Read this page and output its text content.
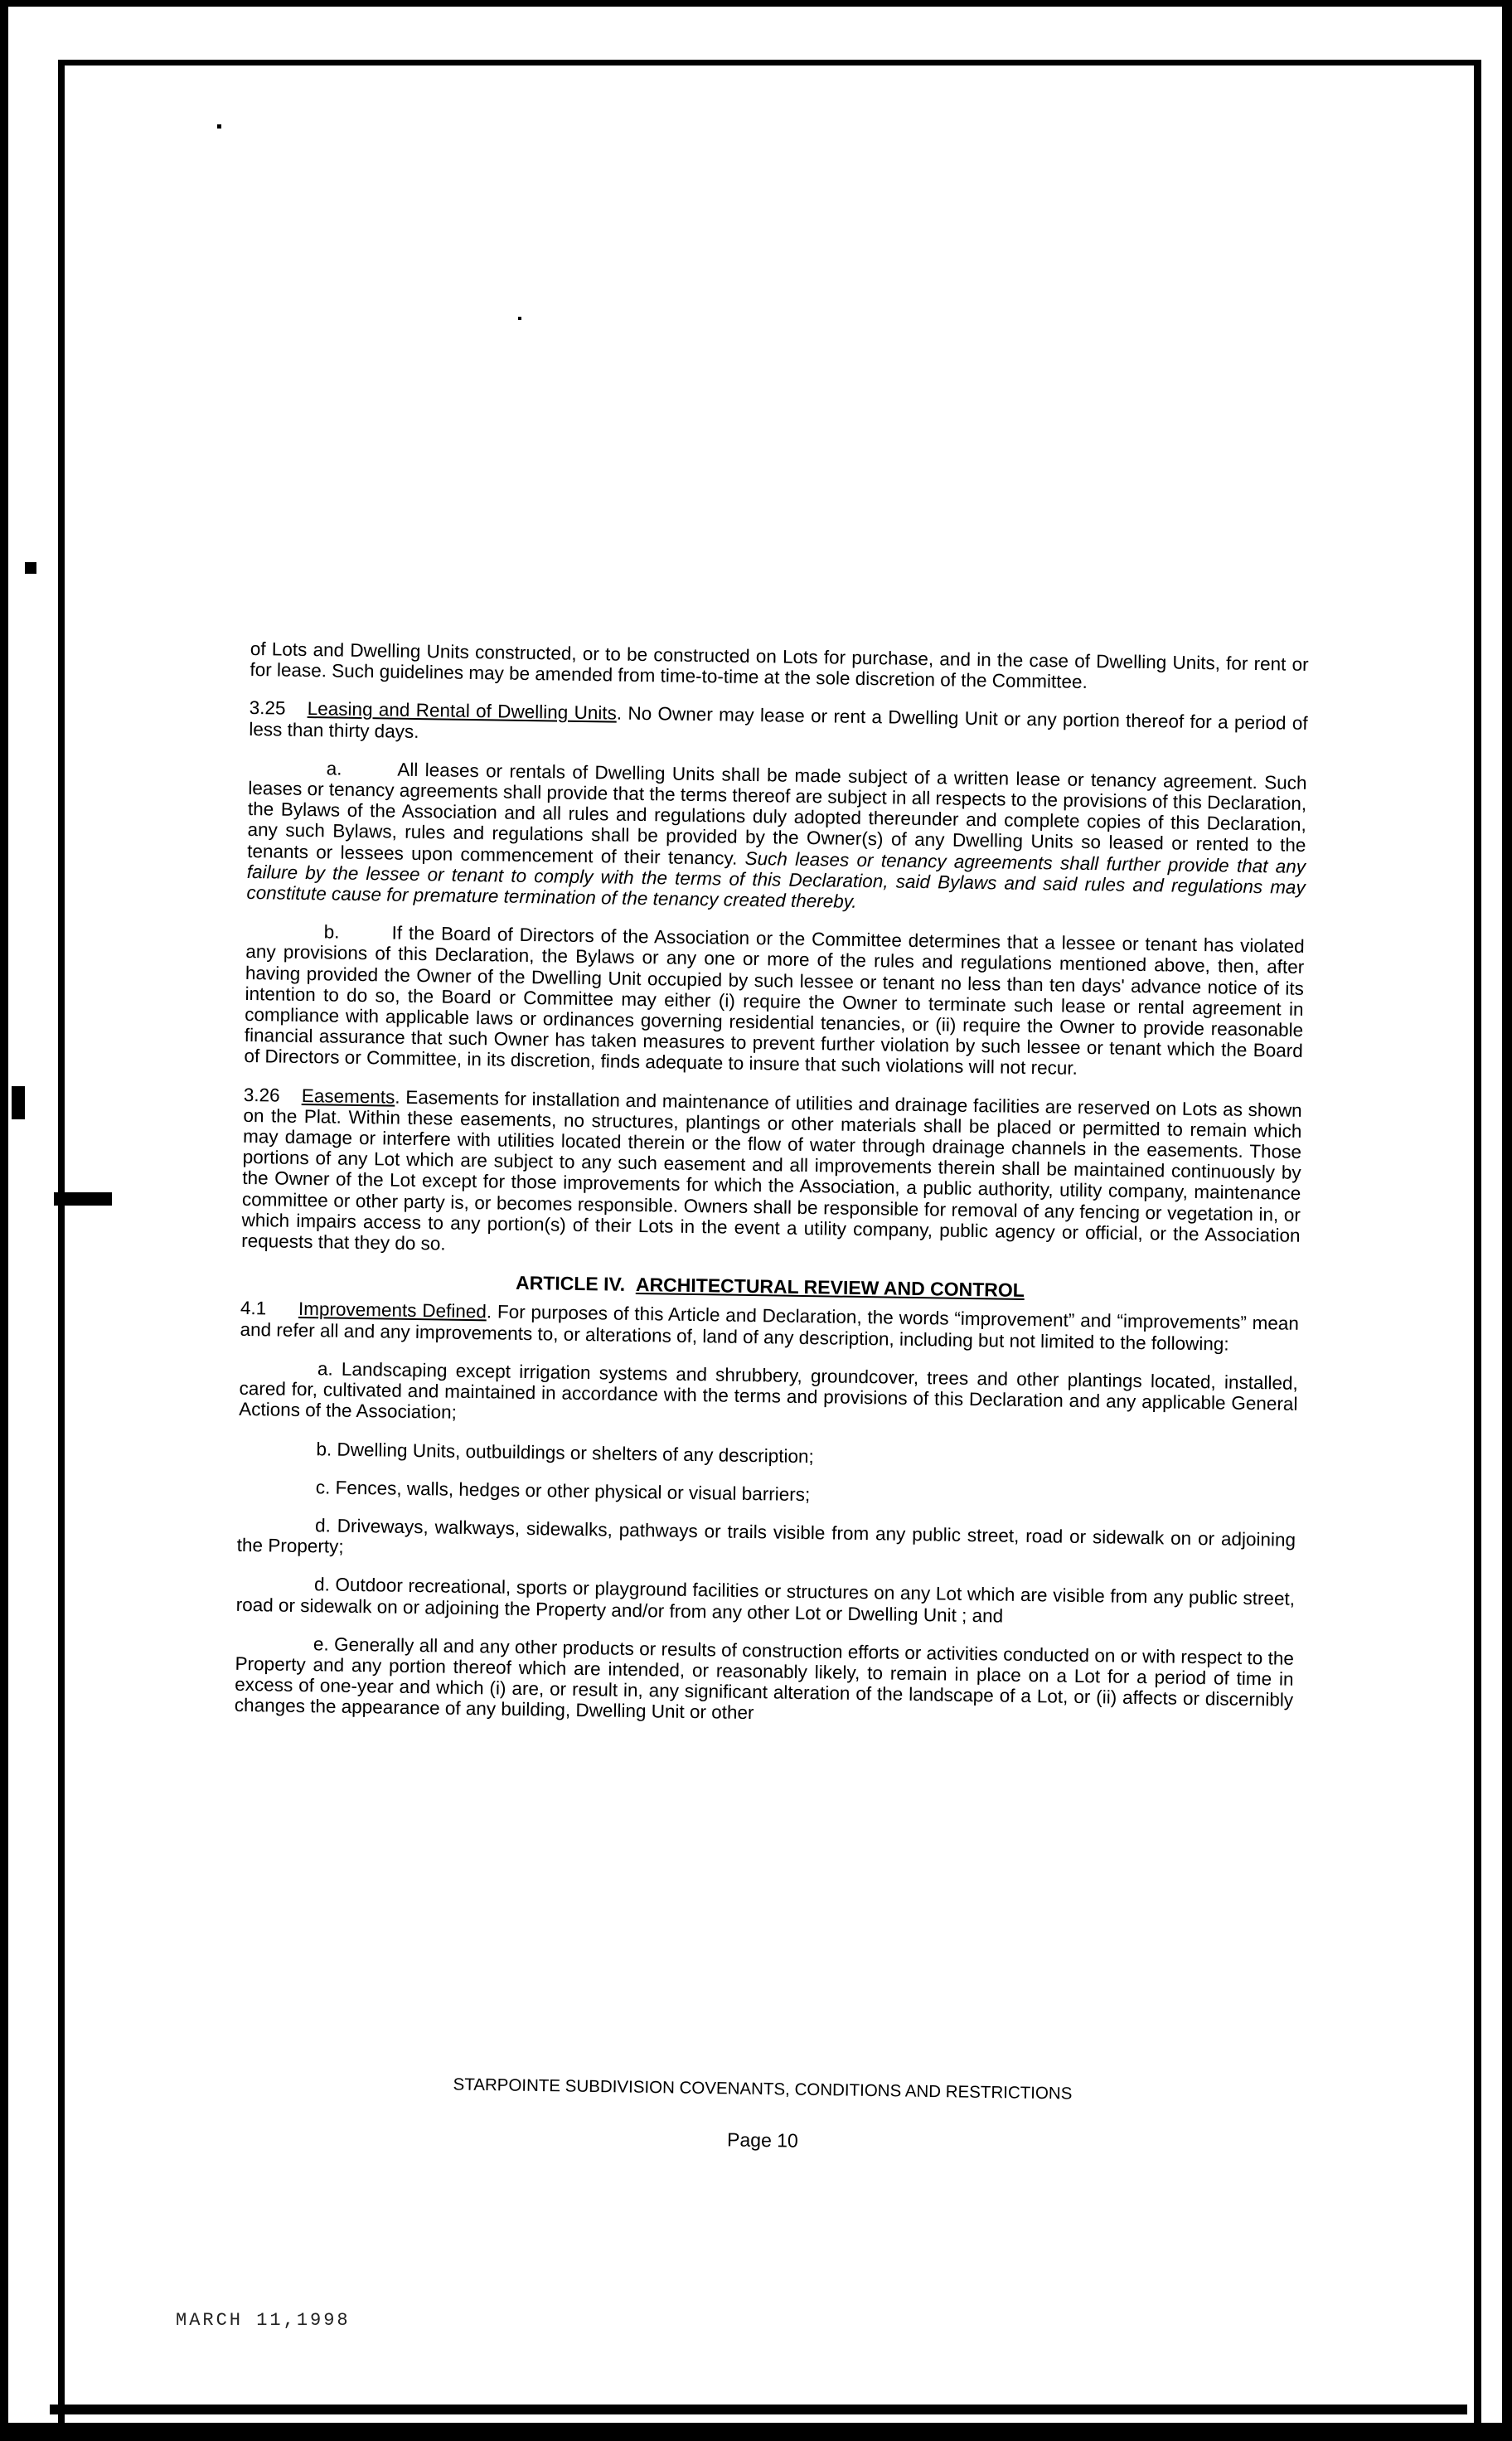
of Lots and Dwelling Units constructed, or to be constructed on Lots for purchase, and in the case of Dwelling Units, for rent or for lease. Such guidelines may be amended from time-to-time at the sole discretion of the Committee.

3.25 Leasing and Rental of Dwelling Units. No Owner may lease or rent a Dwelling Unit or any portion thereof for a period of less than thirty days.

a.	All leases or rentals of Dwelling Units shall be made subject of a written lease or tenancy agreement. Such leases or tenancy agreements shall provide that the terms thereof are subject in all respects to the provisions of this Declaration, the Bylaws of the Association and all rules and regulations duly adopted thereunder and complete copies of this Declaration, any such Bylaws, rules and regulations shall be provided by the Owner(s) of any Dwelling Units so leased or rented to the tenants or lessees upon commencement of their tenancy. Such leases or tenancy agreements shall further provide that any failure by the lessee or tenant to comply with the terms of this Declaration, said Bylaws and said rules and regulations may constitute cause for premature termination of the tenancy created thereby.

b.	If the Board of Directors of the Association or the Committee determines that a lessee or tenant has violated any provisions of this Declaration, the Bylaws or any one or more of the rules and regulations mentioned above, then, after having provided the Owner of the Dwelling Unit occupied by such lessee or tenant no less than ten days' advance notice of its intention to do so, the Board or Committee may either (i) require the Owner to terminate such lease or rental agreement in compliance with applicable laws or ordinances governing residential tenancies, or (ii) require the Owner to provide reasonable financial assurance that such Owner has taken measures to prevent further violation by such lessee or tenant which the Board of Directors or Committee, in its discretion, finds adequate to insure that such violations will not recur.

3.26 Easements. Easements for installation and maintenance of utilities and drainage facilities are reserved on Lots as shown on the Plat. Within these easements, no structures, plantings or other materials shall be placed or permitted to remain which may damage or interfere with utilities located therein or the flow of water through drainage channels in the easements. Those portions of any Lot which are subject to any such easement and all improvements therein shall be maintained continuously by the Owner of the Lot except for those improvements for which the Association, a public authority, utility company, maintenance committee or other party is, or becomes responsible. Owners shall be responsible for removal of any fencing or vegetation in, or which impairs access to any portion(s) of their Lots in the event a utility company, public agency or official, or the Association requests that they do so.

ARTICLE IV. ARCHITECTURAL REVIEW AND CONTROL

4.1 Improvements Defined. For purposes of this Article and Declaration, the words “improvement” and “improvements” mean and refer all and any improvements to, or alterations of, land of any description, including but not limited to the following:

a. Landscaping except irrigation systems and shrubbery, groundcover, trees and other plantings located, installed, cared for, cultivated and maintained in accordance with the terms and provisions of this Declaration and any applicable General Actions of the Association;

b. Dwelling Units, outbuildings or shelters of any description;

c. Fences, walls, hedges or other physical or visual barriers;

d. Driveways, walkways, sidewalks, pathways or trails visible from any public street, road or sidewalk on or adjoining the Property;

d. Outdoor recreational, sports or playground facilities or structures on any Lot which are visible from any public street, road or sidewalk on or adjoining the Property and/or from any other Lot or Dwelling Unit ; and

e. Generally all and any other products or results of construction efforts or activities conducted on or with respect to the Property and any portion thereof which are intended, or reasonably likely, to remain in place on a Lot for a period of time in excess of one-year and which (i) are, or result in, any significant alteration of the landscape of a Lot, or (ii) affects or discernibly changes the appearance of any building, Dwelling Unit or other

STARPOINTE SUBDIVISION COVENANTS, CONDITIONS AND RESTRICTIONS
Page 10
MARCH 11,1998
